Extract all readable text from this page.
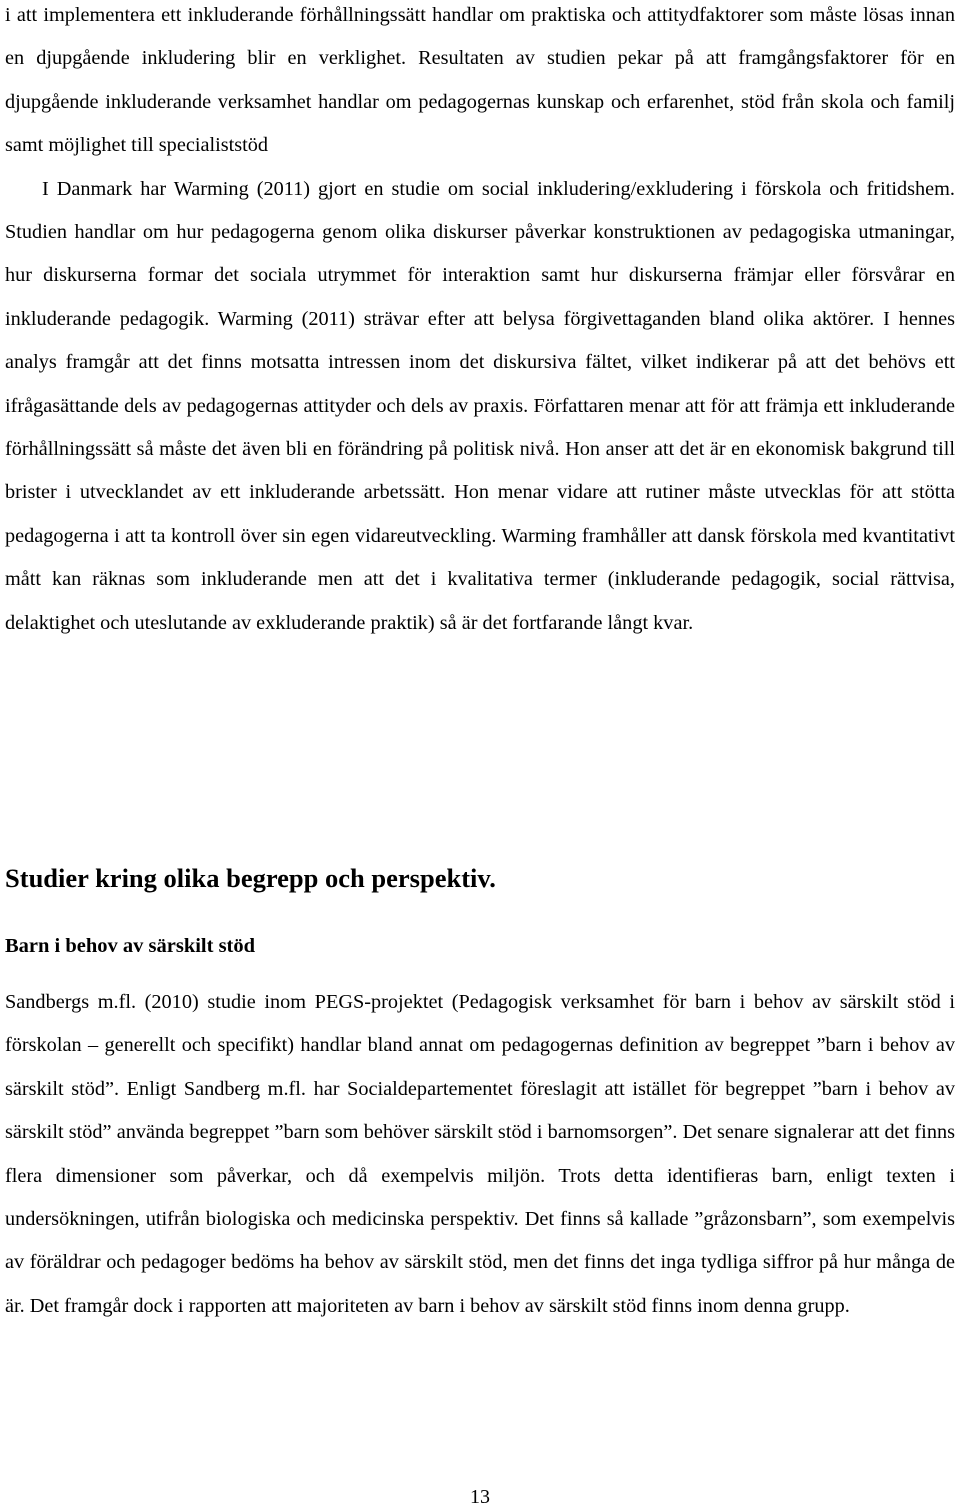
i att implementera ett inkluderande förhållningssätt handlar om praktiska och attitydfaktorer som måste lösas innan en djupgående inkludering blir en verklighet. Resultaten av studien pekar på att framgångsfaktorer för en djupgående inkluderande verksamhet handlar om pedagogernas kunskap och erfarenhet, stöd från skola och familj samt möjlighet till specialiststöd

I Danmark har Warming (2011) gjort en studie om social inkludering/exkludering i förskola och fritidshem. Studien handlar om hur pedagogerna genom olika diskurser påverkar konstruktionen av pedagogiska utmaningar, hur diskurserna formar det sociala utrymmet för interaktion samt hur diskurserna främjar eller försvårar en inkluderande pedagogik. Warming (2011) strävar efter att belysa förgivettaganden bland olika aktörer. I hennes analys framgår att det finns motsatta intressen inom det diskursiva fältet, vilket indikerar på att det behövs ett ifrågasättande dels av pedagogernas attityder och dels av praxis. Författaren menar att för att främja ett inkluderande förhållningssätt så måste det även bli en förändring på politisk nivå. Hon anser att det är en ekonomisk bakgrund till brister i utvecklandet av ett inkluderande arbetssätt. Hon menar vidare att rutiner måste utvecklas för att stötta pedagogerna i att ta kontroll över sin egen vidareutveckling. Warming framhåller att dansk förskola med kvantitativt mått kan räknas som inkluderande men att det i kvalitativa termer (inkluderande pedagogik, social rättvisa, delaktighet och uteslutande av exkluderande praktik) så är det fortfarande långt kvar.

Studier kring olika begrepp och perspektiv.
Barn i behov av särskilt stöd

Sandbergs m.fl. (2010) studie inom PEGS-projektet (Pedagogisk verksamhet för barn i behov av särskilt stöd i förskolan – generellt och specifikt) handlar bland annat om pedagogernas definition av begreppet ”barn i behov av särskilt stöd”. Enligt Sandberg m.fl. har Socialdepartementet föreslagit att istället för begreppet ”barn i behov av särskilt stöd” använda begreppet ”barn som behöver särskilt stöd i barnomsorgen”. Det senare signalerar att det finns flera dimensioner som påverkar, och då exempelvis miljön. Trots detta identifieras barn, enligt texten i undersökningen, utifrån biologiska och medicinska perspektiv. Det finns så kallade ”gråzonsbarn”, som exempelvis av föräldrar och pedagoger bedöms ha behov av särskilt stöd, men det finns det inga tydliga siffror på hur många de är. Det framgår dock i rapporten att majoriteten av barn i behov av särskilt stöd finns inom denna grupp.

13
